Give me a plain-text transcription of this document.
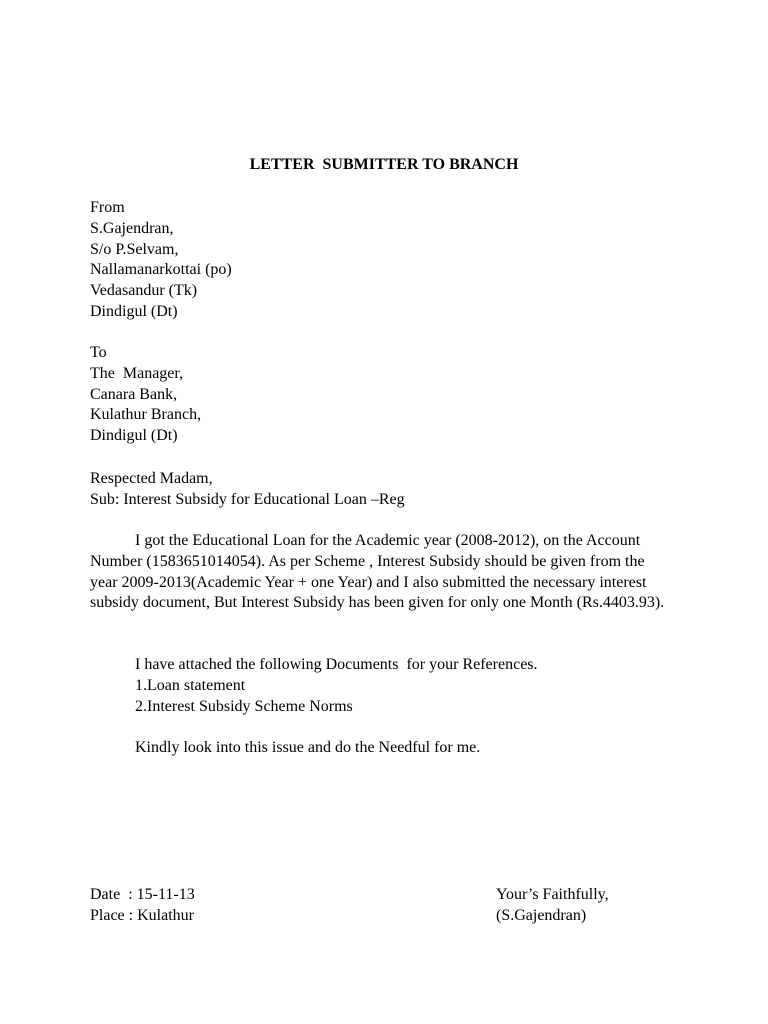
LETTER  SUBMITTER TO BRANCH
From
S.Gajendran,
S/o P.Selvam,
Nallamanarkottai (po)
Vedasandur (Tk)
Dindigul (Dt)
To
The  Manager,
Canara Bank,
Kulathur Branch,
Dindigul (Dt)
Respected Madam,
Sub: Interest Subsidy for Educational Loan –Reg
I got the Educational Loan for the Academic year (2008-2012), on the Account Number (1583651014054). As per Scheme , Interest Subsidy should be given from the year 2009-2013(Academic Year + one Year) and I also submitted the necessary interest subsidy document, But Interest Subsidy has been given for only one Month (Rs.4403.93).
I have attached the following Documents  for your References.
1.Loan statement
2.Interest Subsidy Scheme Norms
Kindly look into this issue and do the Needful for me.
Date  : 15-11-13
Place : Kulathur
Your’s Faithfully,
(S.Gajendran)
